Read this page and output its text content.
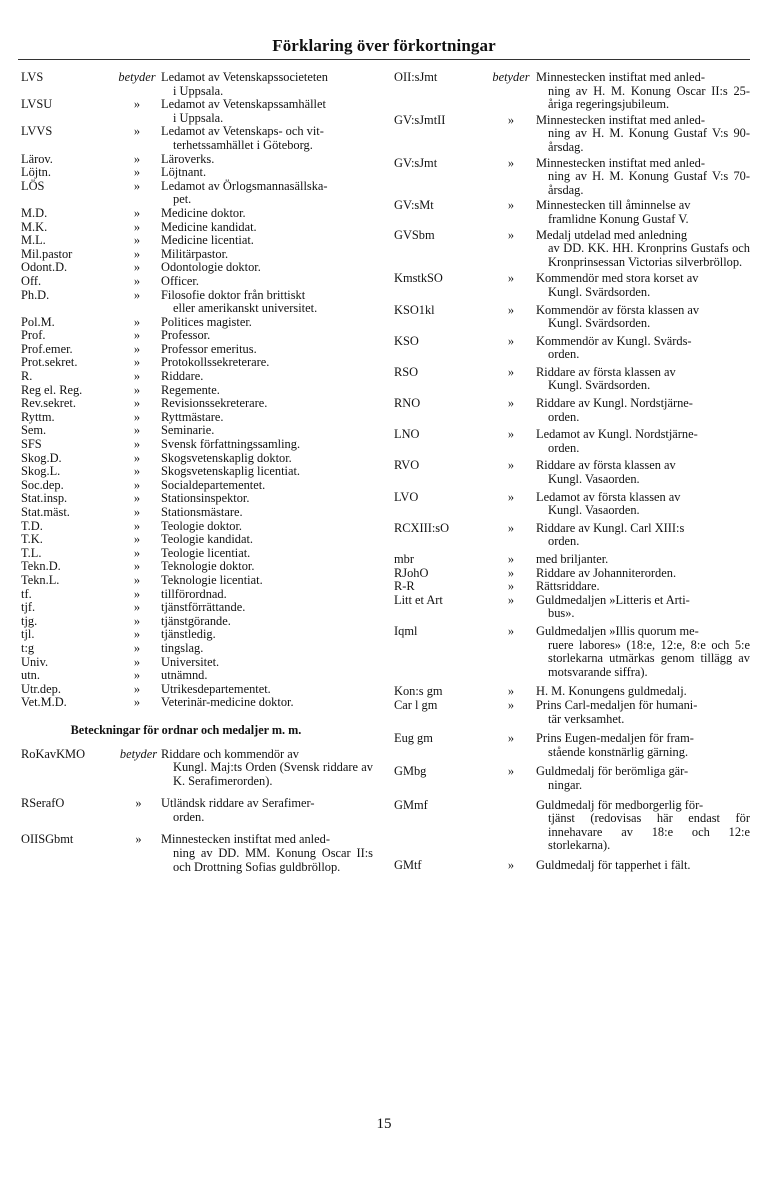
Förklaring över förkortningar
LVS	betyder Ledamot av Vetenskapssocieteten
i Uppsala.
LVSU	»	Ledamot av Vetenskapssamhället
i Uppsala.
LVVS	»	Ledamot av Vetenskaps- och vit-
terhetssamhället i Göteborg.
Lärov.	»	Läroverks.
Löjtn.	»	Löjtnant.
LÖS	»	Ledamot av Örlogsmannasällska-
pet.
M.D.	»	Medicine doktor.
M.K.	»	Medicine kandidat.
M.L.	»	Medicine licentiat.
Mil.pastor	»	Militärpastor.
Odont.D.	»	Odontologie doktor.
Off.	»	Officer.
Ph.D.	»	Filosofie doktor från brittiskt
eller amerikanskt universitet.
Pol.M.	»	Politices magister.
Prof.	»	Professor.
Prof.emer.	»	Professor emeritus.
Prot.sekret.	»	Protokollssekreterare.
R.	»	Riddare.
Reg el. Reg.	»	Regemente.
Rev.sekret.	»	Revisionssekreterare.
Ryttm.	»	Ryttmästare.
Sem.	»	Seminarie.
SFS	»	Svensk författningssamling.
Skog.D.	»	Skogsvetenskaplig doktor.
Skog.L.	»	Skogsvetenskaplig licentiat.
Soc.dep.	»	Socialdepartementet.
Stat.insp.	»	Stationsinspektor.
Stat.mäst.	»	Stationsmästare.
T.D.	»	Teologie doktor.
T.K.	»	Teologie kandidat.
T.L.	»	Teologie licentiat.
Tekn.D.	»	Teknologie doktor.
Tekn.L.	»	Teknologie licentiat.
tf.	»	tillförordnad.
tjf.	»	tjänstförrättande.
tjg.	»	tjänstgörande.
tjl.	»	tjänstledig.
t:g	»	tingslag.
Univ.	»	Universitet.
utn.	»	utnämnd.
Utr.dep.	»	Utrikesdepartementet.
Vet.M.D.	»	Veterinär-medicine doktor.
Beteckningar för ordnar och medaljer m. m.
RoKavKMO	betyder Riddare och kommendör av
Kungl. Maj:ts Orden (Svensk riddare av K. Serafimerorden).
RSerafO	»	Utländsk riddare av Serafimer-
orden.
OIISGbmt	»	Minnestecken instiftat med anled-
ning av DD. MM. Konung Oscar II:s och Drottning Sofias guldbröllop.
OII:sJmt	betyder Minnestecken instiftat med anled-
ning av H. M. Konung Oscar II:s 25-åriga regeringsjubileum.
GV:sJmtII	»	Minnestecken instiftat med anled-
ning av H. M. Konung Gustaf V:s 90-årsdag.
GV:sJmt	»	Minnestecken instiftat med anled-
ning av H. M. Konung Gustaf V:s 70-årsdag.
GV:sMt	»	Minnestecken till åminnelse av
framlidne Konung Gustaf V.
GVSbm	»	Medalj utdelad med anledning
av DD. KK. HH. Kronprins Gustafs och Kronprinsessan Victorias silverbröllop.
KmstkSO	»	Kommendör med stora korset av
Kungl. Svärdsorden.
KSO1kl	»	Kommendör av första klassen av
Kungl. Svärdsorden.
KSO	»	Kommendör av Kungl. Svärds-
orden.
RSO	»	Riddare av första klassen av
Kungl. Svärdsorden.
RNO	»	Riddare av Kungl. Nordstjärne-
orden.
LNO	»	Ledamot av Kungl. Nordstjärne-
orden.
RVO	»	Riddare av första klassen av
Kungl. Vasaorden.
LVO	»	Ledamot av första klassen av
Kungl. Vasaorden.
RCXIII:sO	»	Riddare av Kungl. Carl XIII:s
orden.
mbr	»	med briljanter.
RJohO	»	Riddare av Johanniterorden.
R-R	»	Rättsriddare.
Litt et Art	»	Guldmedaljen »Litteris et Arti-
bus».
Iqml	»	Guldmedaljen »Illis quorum me-
ruere labores» (18:e, 12:e, 8:e och 5:e storlekarna utmärkas genom tillägg av motsvarande siffra).
Kon:s gm	»	H. M. Konungens guldmedalj.
Car l gm	»	Prins Carl-medaljen för humani-
tär verksamhet.
Eug gm	»	Prins Eugen-medaljen för fram-
stående konstnärlig gärning.
GMbg	»	Guldmedalj för berömliga gär-
ningar.
GMmf	Guldmedalj för medborgerlig för-
tjänst (redovisas här endast för innehavare av 18:e och 12:e storlekarna).
GMtf	»	Guldmedalj för tapperhet i fält.
15
